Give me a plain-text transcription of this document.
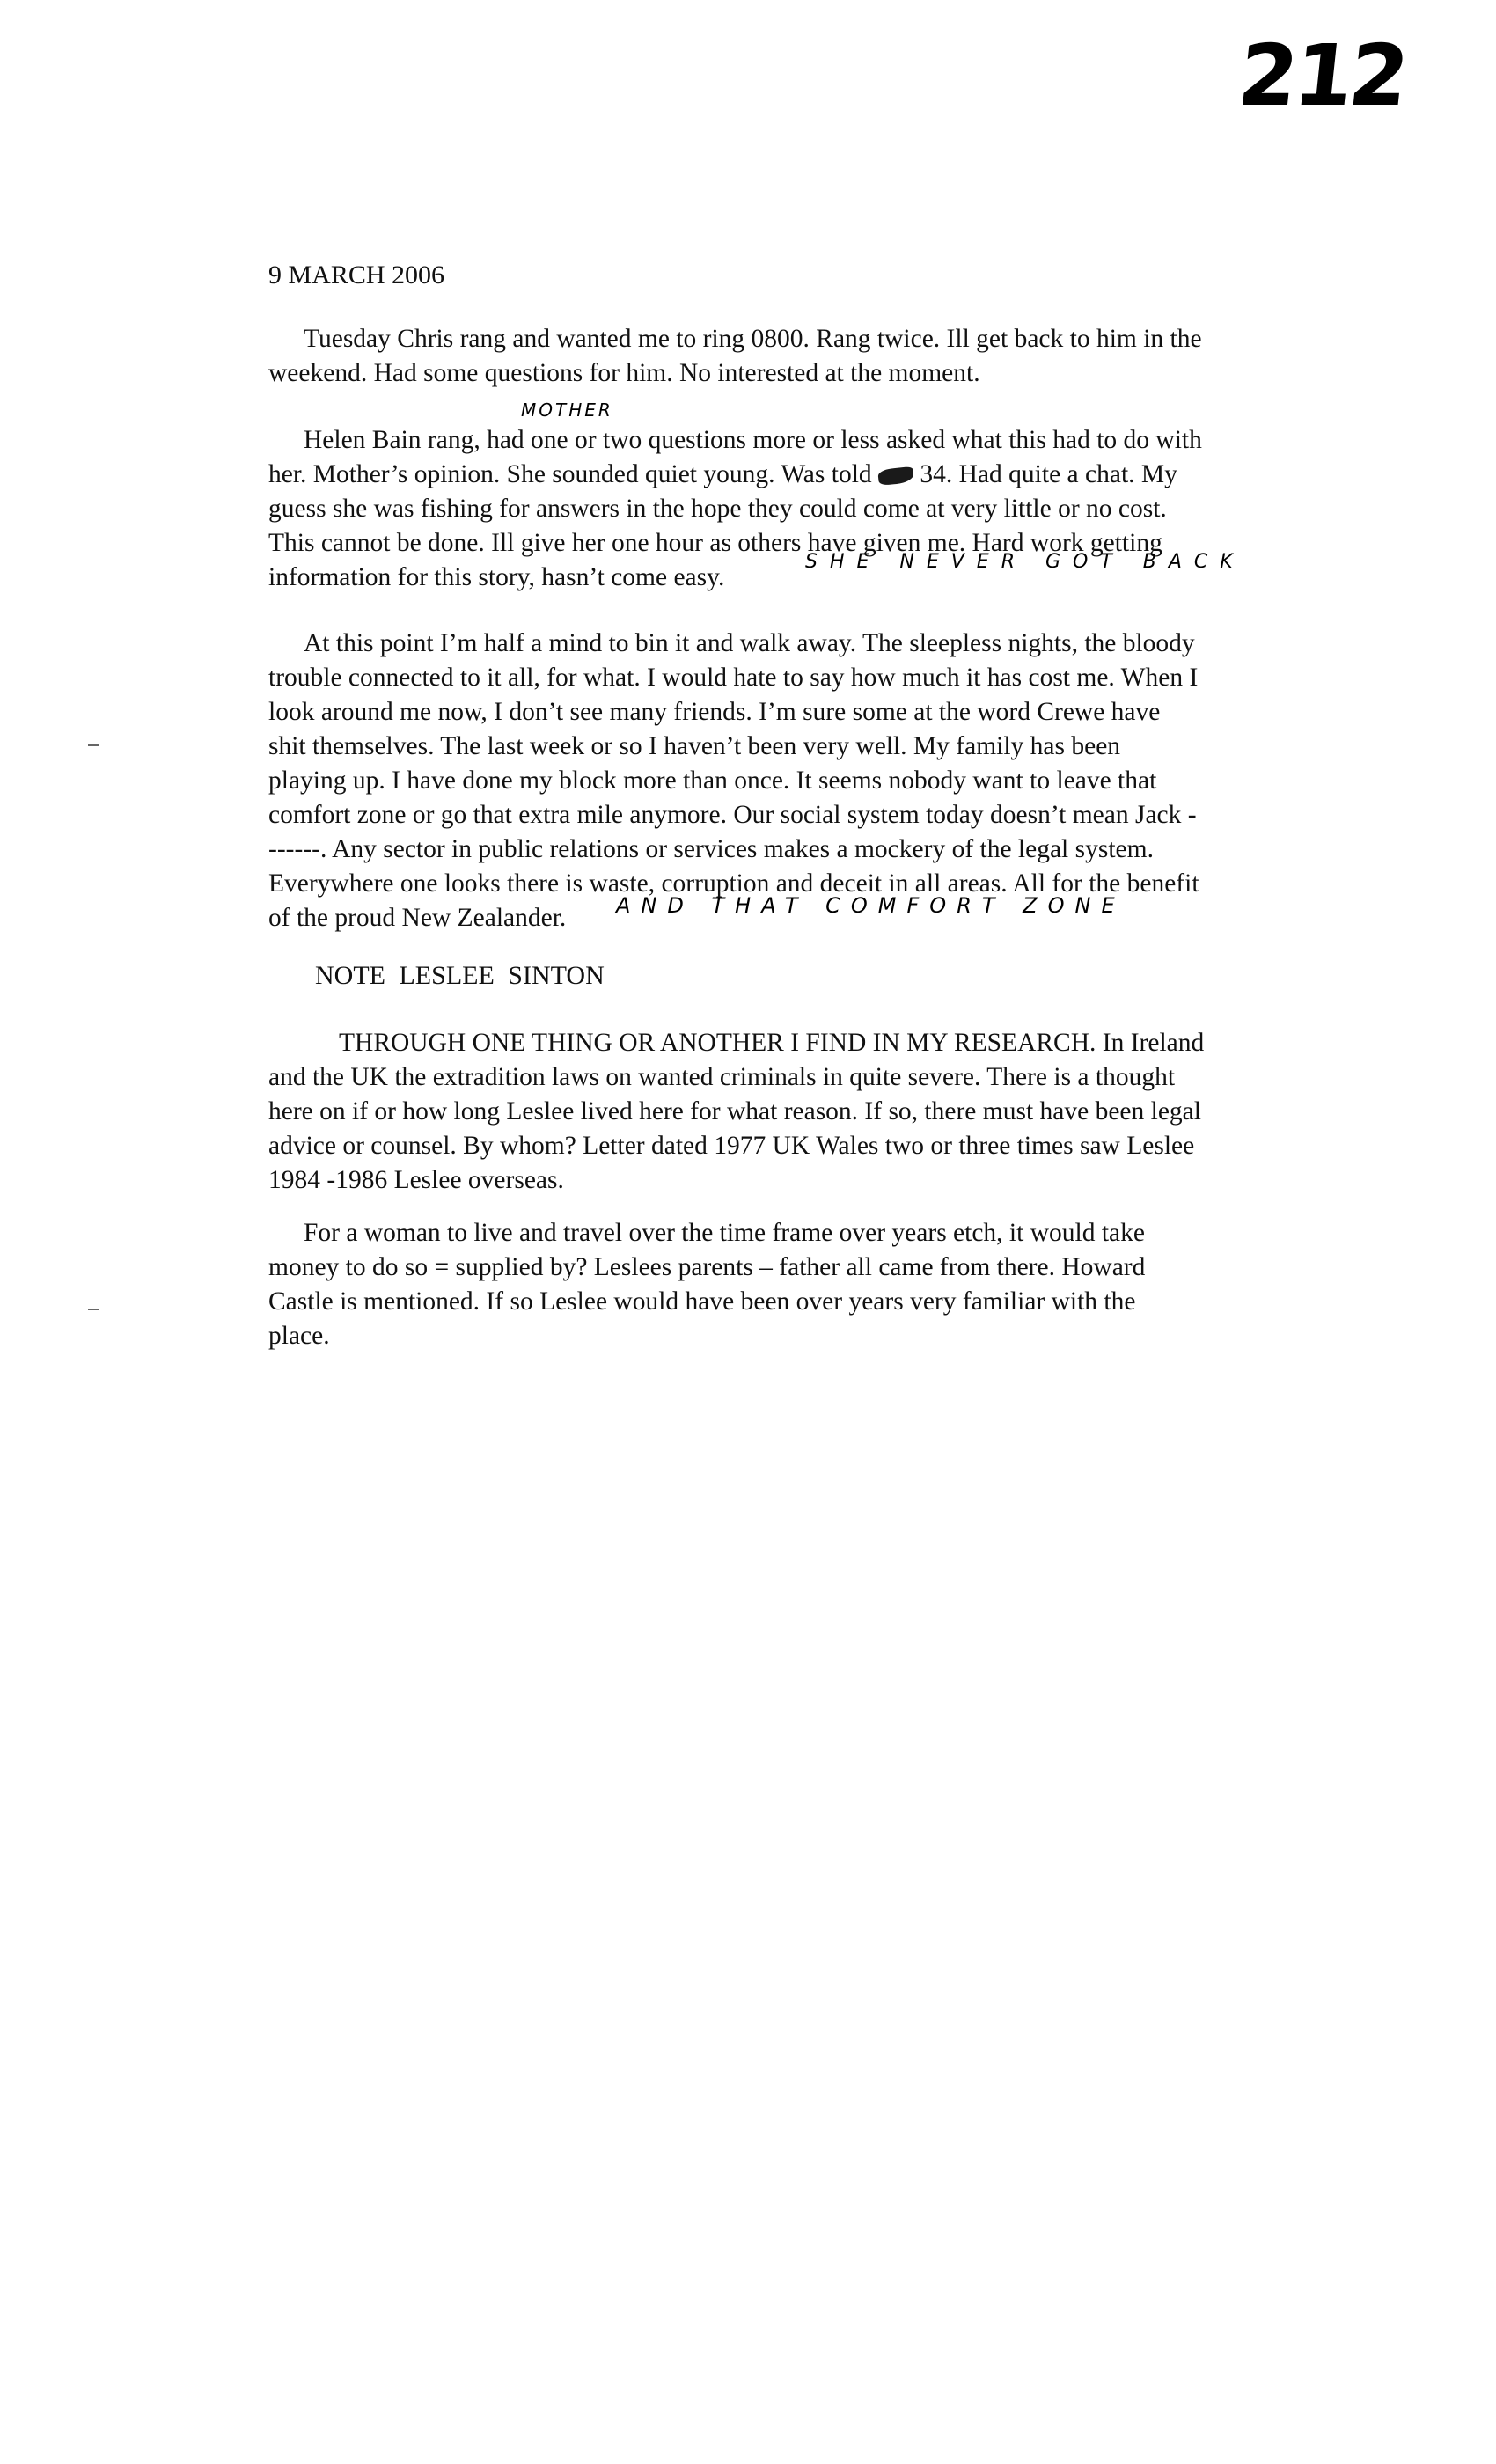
212
9 MARCH 2006
Tuesday Chris rang and wanted me to ring 0800. Rang twice. Ill get back to him in the
weekend. Had some questions for him. No interested at the moment.
MOTHER
Helen Bain rang, had one or two questions more or less asked what this had to do with
her. Mother’s opinion. She sounded quiet young. Was told 34. Had quite a chat. My
guess she was fishing for answers in the hope they could come at very little or no cost.
This cannot be done. Ill give her one hour as others have given me. Hard work getting
information for this story, hasn’t come easy.
SHE NEVER GOT BACK
At this point I’m half a mind to bin it and walk away. The sleepless nights, the bloody
trouble connected to it all, for what. I would hate to say how much it has cost me. When I
look around me now, I don’t see many friends. I’m sure some at the word Crewe have
shit themselves. The last week or so I haven’t been very well. My family has been
playing up. I have done my block more than once. It seems nobody want to leave that
comfort zone or go that extra mile anymore. Our social system today doesn’t mean Jack -
------. Any sector in public relations or services makes a mockery of the legal system.
Everywhere one looks there is waste, corruption and deceit in all areas. All for the benefit
of the proud New Zealander.	AND THAT COMFORT ZONE
NOTE LESLEE SINTON
THROUGH ONE THING OR ANOTHER I FIND IN MY RESEARCH. In Ireland
and the UK the extradition laws on wanted criminals in quite severe. There is a thought
here on if or how long Leslee lived here for what reason. If so, there must have been legal
advice or counsel. By whom? Letter dated 1977 UK Wales two or three times saw Leslee
1984 -1986 Leslee overseas.
For a woman to live and travel over the time frame over years etch, it would take
money to do so = supplied by? Leslees parents – father all came from there. Howard
Castle is mentioned. If so Leslee would have been over years very familiar with the
place.
